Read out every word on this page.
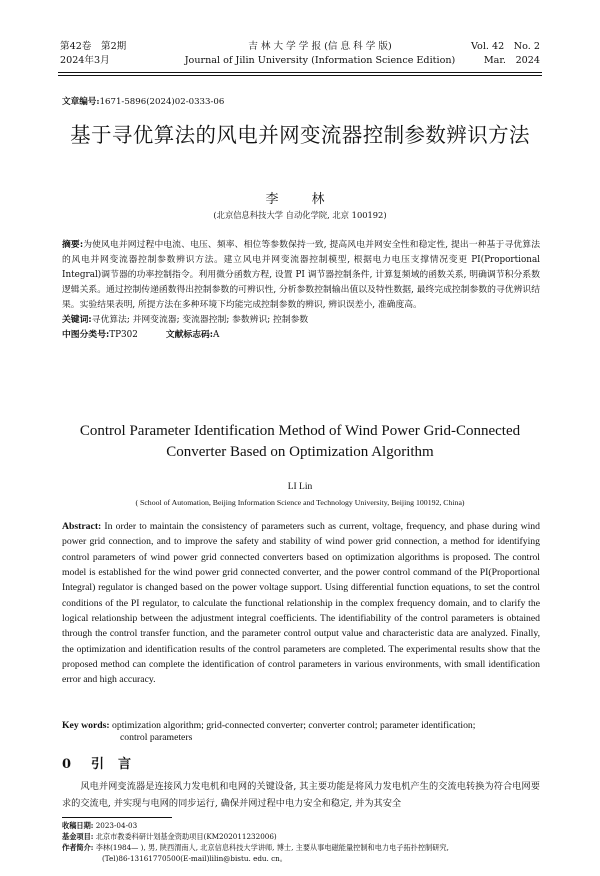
第42卷　第2期
2024年3月
吉 林 大 学 学 报 (信 息 科 学 版)
Journal of Jilin University (Information Science Edition)
Vol. 42　No. 2
Mar.　2024
文章编号:1671-5896(2024)02-0333-06
基于寻优算法的风电并网变流器控制参数辨识方法
李　林
(北京信息科技大学 自动化学院, 北京 100192)

摘要:为使风电并网过程中电流、电压、频率、相位等参数保持一致, 提高风电并网安全性和稳定性, 提出一种基于寻优算法的风电并网变流器控制参数辨识方法。建立风电并网变流器控制模型, 根据电力电压支撑情况变更 PI(Proportional Integral)调节器的功率控制指令。利用微分函数方程, 设置 PI 调节器控制条件, 计算复频域的函数关系, 明确调节积分系数逻辑关系。通过控制传递函数得出控制参数的可辨识性, 分析参数控制输出值以及特性数据, 最终完成控制参数的寻优辨识结果。实验结果表明, 所提方法在多种环境下均能完成控制参数的辨识, 辨识误差小, 准确度高。

关键词:寻优算法; 并网变流器; 变流器控制; 参数辨识; 控制参数

中图分类号:TP302	文献标志码:A

Control Parameter Identification Method of Wind Power Grid-Connected
Converter Based on Optimization Algorithm
LI Lin
( School of Automation, Beijing Information Science and Technology University, Beijing 100192, China)

Abstract: In order to maintain the consistency of parameters such as current, voltage, frequency, and phase during wind power grid connection, and to improve the safety and stability of wind power grid connection, a method for identifying control parameters of wind power grid connected converters based on optimization algorithms is proposed. The control model is established for the wind power grid connected converter, and the power control command of the PI(Proportional Integral) regulator is changed based on the power voltage support. Using differential function equations, to set the control conditions of the PI regulator, to calculate the functional relationship in the complex frequency domain, and to clarify the logical relationship between the adjustment integral coefficients. The identifiability of the control parameters is obtained through the control transfer function, and the parameter control output value and characteristic data are analyzed. Finally, the optimization and identification results of the control parameters are completed. The experimental results show that the proposed method can complete the identification of control parameters in various environments, with small identification error and high accuracy.

Key words: optimization algorithm; grid-connected converter; converter control; parameter identification;
control parameters
0 引言
风电并网变流器是连接风力发电机和电网的关键设备, 其主要功能是将风力发电机产生的交流电转换为符合电网要求的交流电, 并实现与电网的同步运行, 确保并网过程中电力安全和稳定, 并为其安全

收稿日期: 2023-04-03

基金项目: 北京市教委科研计划基金资助项目(KM202011232006)

作者简介: 李林(1984— ), 男, 陕西渭南人, 北京信息科技大学讲师, 博士, 主要从事电磁能量控制和电力电子拓扑控制研究,

(Tel)86-13161770500(E-mail)lilin@bistu. edu. cn。
